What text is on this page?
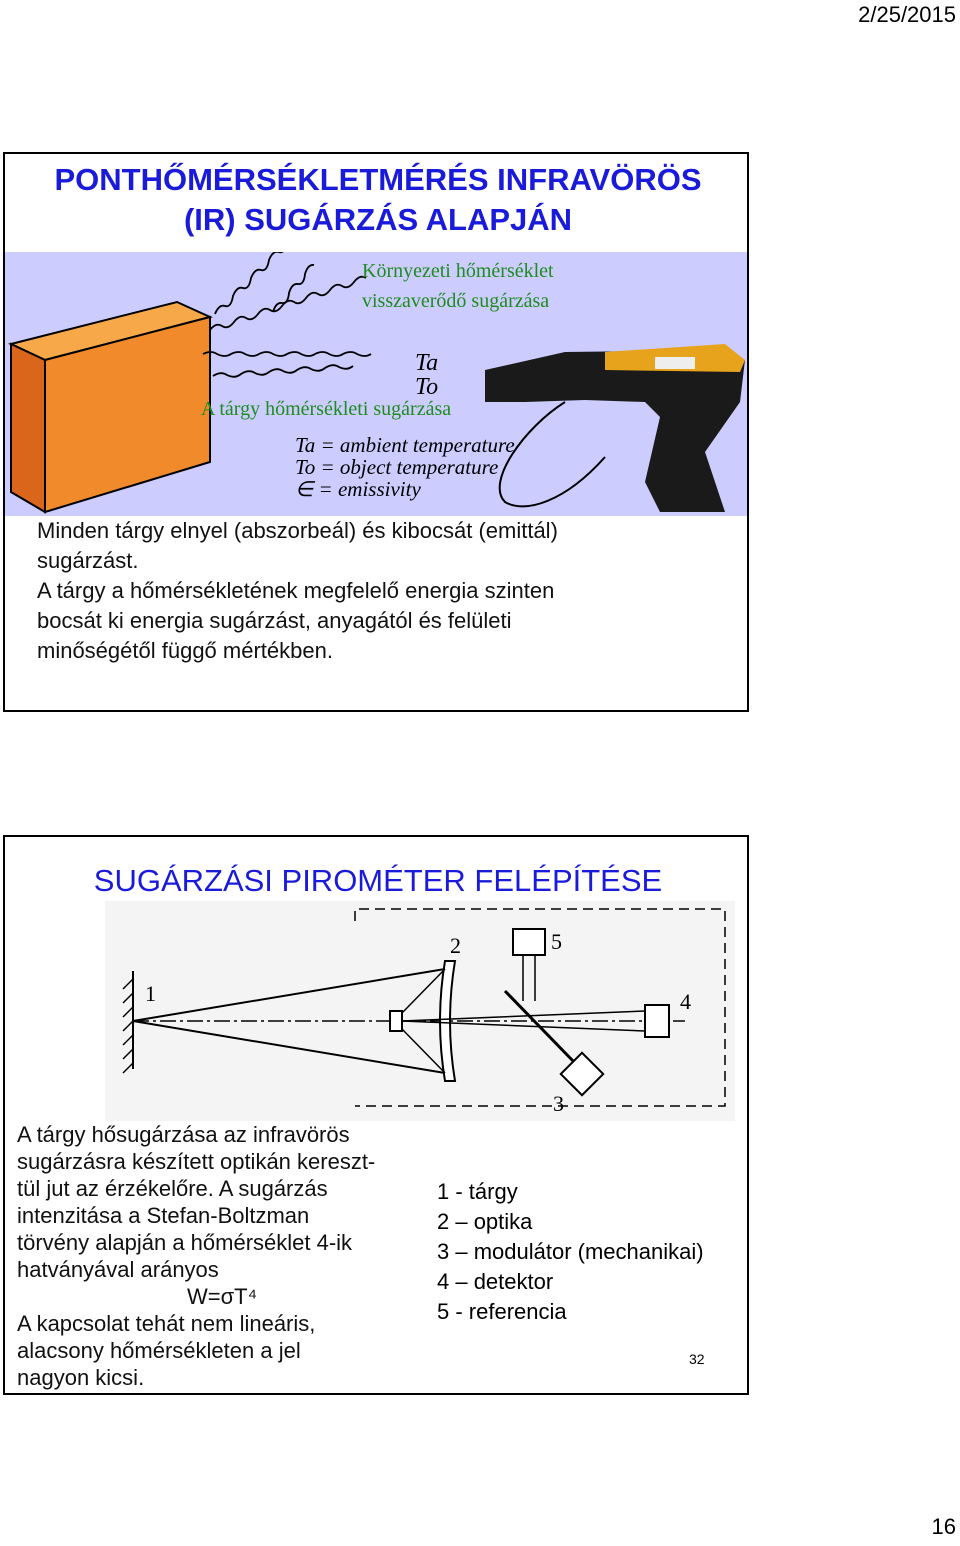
2/25/2015
PONTHŐMÉRSÉKLETMÉRÉS INFRAVÖRÖS
(IR) SUGÁRZÁS ALAPJÁN
Ta
To
Ta = ambient temperature
To = object temperature
∈ = emissivity
Környezeti hőmérséklet
visszaverődő sugárzása
A tárgy hőmérsékleti sugárzása
Minden tárgy elnyel (abszorbeál) és kibocsát (emittál)
sugárzást.
A tárgy a hőmérsékletének megfelelő energia szinten
bocsát ki energia sugárzást, anyagától és felületi
minőségétől függő mértékben.
SUGÁRZÁSI PIROMÉTER FELÉPÍTÉSE
1
2
3
4
5
A tárgy hősugárzása az infravörös
sugárzásra készített optikán kereszt-
tül jut az érzékelőre. A sugárzás
intenzitása a Stefan-Boltzman
törvény alapján a hőmérséklet 4-ik
hatványával arányos
W=σT⁴
A kapcsolat tehát nem lineáris,
alacsony hőmérsékleten a jel
nagyon kicsi.
1 - tárgy
2 – optika
3 – modulátor (mechanikai)
4 – detektor
5 - referencia
32
16
